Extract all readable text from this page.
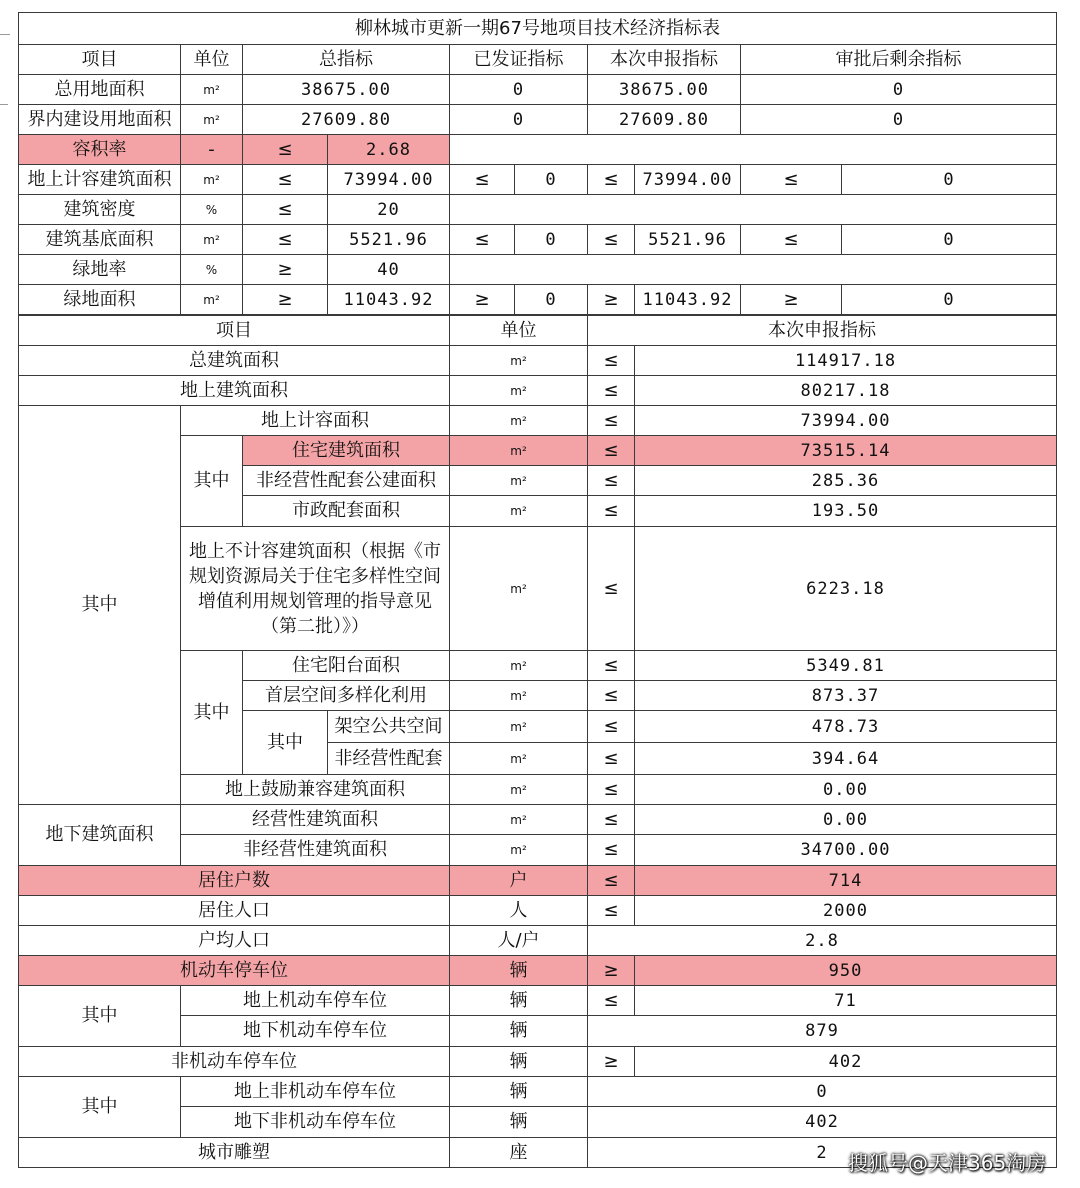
柳林城市更新一期67号地项目技术经济指标表
项目	单位	总指标	已发证指标	本次申报指标	审批后剩余指标
总用地面积	m²	38675.00	0	38675.00	0
界内建设用地面积	m²	27609.80	0	27609.80	0
容积率	-	≤	2.68
地上计容建筑面积	m²	≤	73994.00	≤	0	≤	73994.00	≤	0
建筑密度	%	≤	20
建筑基底面积	m²	≤	5521.96	≤	0	≤	5521.96	≤	0
绿地率	%	≥	40
绿地面积	m²	≥	11043.92	≥	0	≥	11043.92	≥	0
项目	单位	本次申报指标
总建筑面积	m²	≤	114917.18
地上建筑面积	m²	≤	80217.18
其中
地上计容面积	m²	≤	73994.00
其中
住宅建筑面积	m²	≤	73515.14
非经营性配套公建面积	m²	≤	285.36
市政配套面积	m²	≤	193.50
地上不计容建筑面积（根据《市规划资源局关于住宅多样性空间增值利用规划管理的指导意见（第二批）》）
m²	≤	6223.18
其中
住宅阳台面积	m²	≤	5349.81
首层空间多样化利用	m²	≤	873.37
其中
架空公共空间	m²	≤	478.73
非经营性配套	m²	≤	394.64
地上鼓励兼容建筑面积	m²	≤	0.00
地下建筑面积
经营性建筑面积	m²	≤	0.00
非经营性建筑面积	m²	≤	34700.00
居住户数	户	≤	714
居住人口	人	≤	2000
户均人口	人/户	2.8
机动车停车位	辆	≥	950
其中
地上机动车停车位	辆	≤	71
地下机动车停车位	辆	879
非机动车停车位	辆	≥	402
其中
地上非机动车停车位	辆	0
地下非机动车停车位	辆	402
城市雕塑	座	2	搜狐号@天津365淘房
